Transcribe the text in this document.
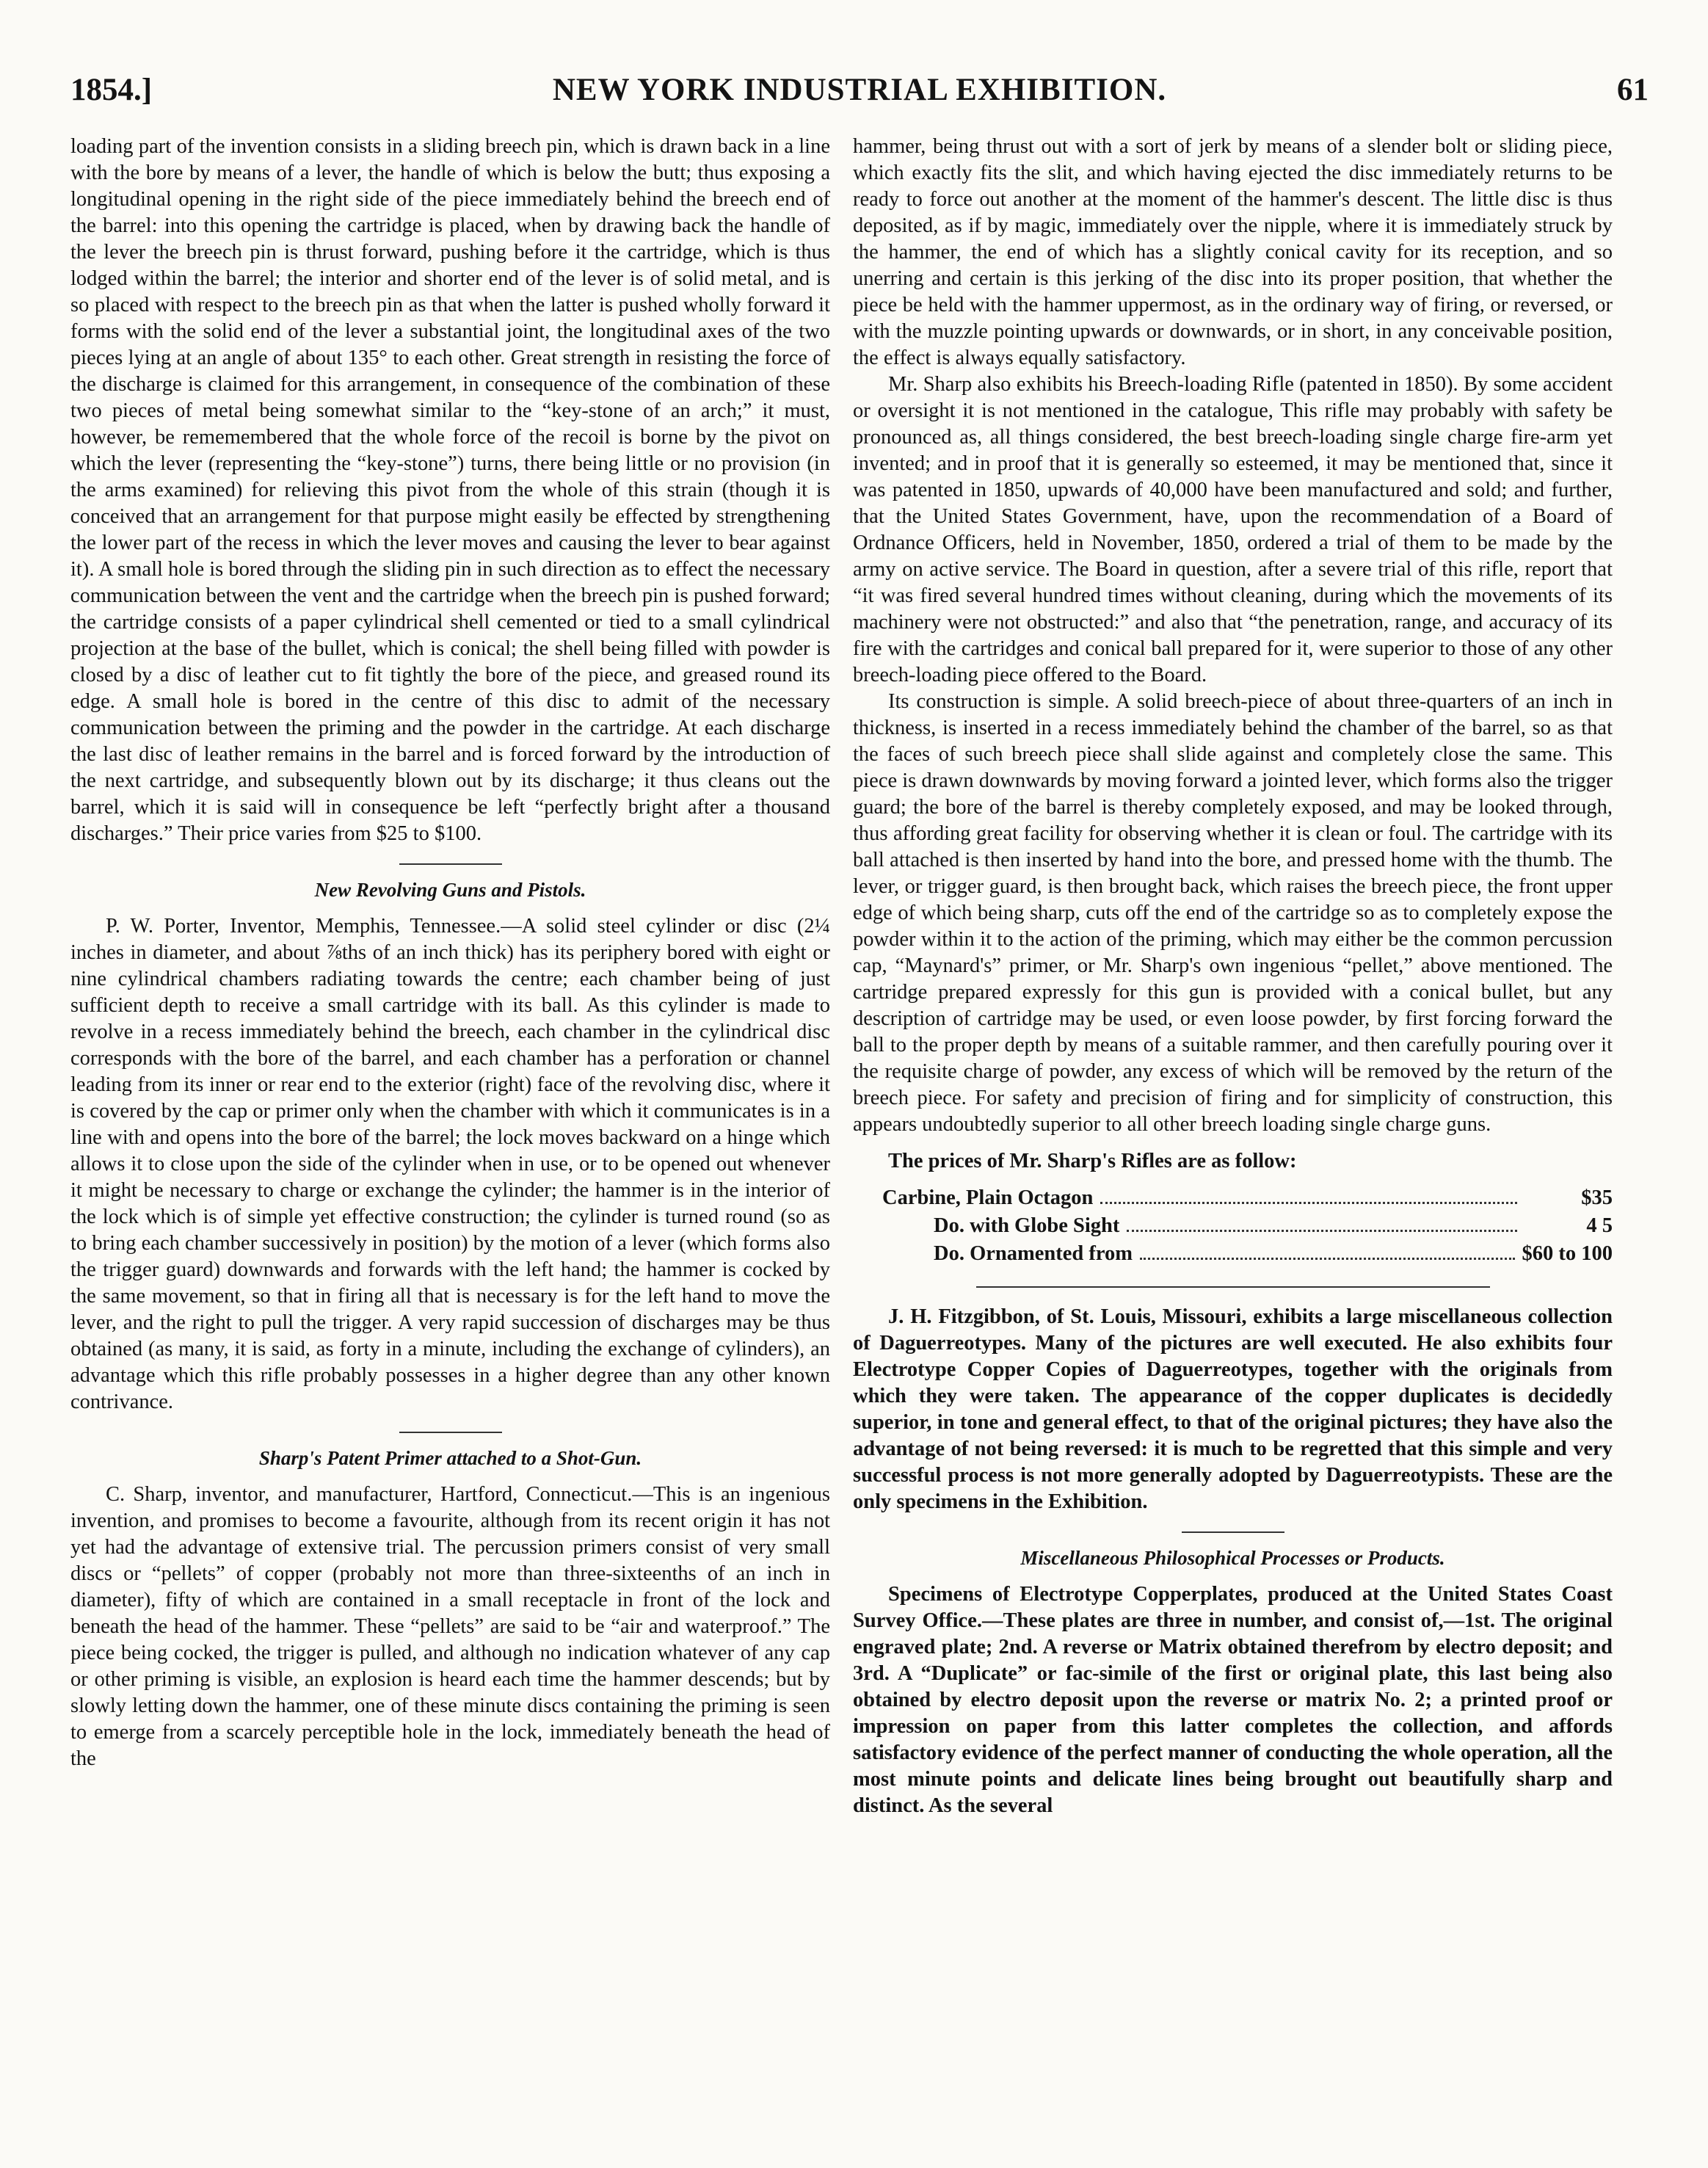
1854.]	NEW YORK INDUSTRIAL EXHIBITION.	61

loading part of the invention consists in a sliding breech pin, which is drawn back in a line with the bore by means of a lever, the handle of which is below the butt; thus exposing a longitudinal opening in the right side of the piece immediately behind the breech end of the barrel: into this opening the cartridge is placed, when by drawing back the handle of the lever the breech pin is thrust forward, pushing before it the cartridge, which is thus lodged within the barrel; the interior and shorter end of the lever is of solid metal, and is so placed with respect to the breech pin as that when the latter is pushed wholly forward it forms with the solid end of the lever a substantial joint, the longitudinal axes of the two pieces lying at an angle of about 135° to each other. Great strength in resisting the force of the discharge is claimed for this arrangement, in consequence of the combination of these two pieces of metal being somewhat similar to the “key-stone of an arch;” it must, however, be rememembered that the whole force of the recoil is borne by the pivot on which the lever (representing the “key-stone”) turns, there being little or no provision (in the arms examined) for relieving this pivot from the whole of this strain (though it is conceived that an arrangement for that purpose might easily be effected by strengthening the lower part of the recess in which the lever moves and causing the lever to bear against it). A small hole is bored through the sliding pin in such direction as to effect the necessary communication between the vent and the cartridge when the breech pin is pushed forward; the cartridge consists of a paper cylindrical shell cemented or tied to a small cylindrical projection at the base of the bullet, which is conical; the shell being filled with powder is closed by a disc of leather cut to fit tightly the bore of the piece, and greased round its edge. A small hole is bored in the centre of this disc to admit of the necessary communication between the priming and the powder in the cartridge. At each discharge the last disc of leather remains in the barrel and is forced forward by the introduction of the next cartridge, and subsequently blown out by its discharge; it thus cleans out the barrel, which it is said will in consequence be left “perfectly bright after a thousand discharges.” Their price varies from $25 to $100.

New Revolving Guns and Pistols.

P. W. Porter, Inventor, Memphis, Tennessee.—A solid steel cylinder or disc (2¼ inches in diameter, and about ⅞ths of an inch thick) has its periphery bored with eight or nine cylindrical chambers radiating towards the centre; each chamber being of just sufficient depth to receive a small cartridge with its ball. As this cylinder is made to revolve in a recess immediately behind the breech, each chamber in the cylindrical disc corresponds with the bore of the barrel, and each chamber has a perforation or channel leading from its inner or rear end to the exterior (right) face of the revolving disc, where it is covered by the cap or primer only when the chamber with which it communicates is in a line with and opens into the bore of the barrel; the lock moves backward on a hinge which allows it to close upon the side of the cylinder when in use, or to be opened out whenever it might be necessary to charge or exchange the cylinder; the hammer is in the interior of the lock which is of simple yet effective construction; the cylinder is turned round (so as to bring each chamber successively in position) by the motion of a lever (which forms also the trigger guard) downwards and forwards with the left hand; the hammer is cocked by the same movement, so that in firing all that is necessary is for the left hand to move the lever, and the right to pull the trigger. A very rapid succession of discharges may be thus obtained (as many, it is said, as forty in a minute, including the exchange of cylinders), an advantage which this rifle probably possesses in a higher degree than any other known contrivance.

Sharp's Patent Primer attached to a Shot-Gun.

C. Sharp, inventor, and manufacturer, Hartford, Connecticut.—This is an ingenious invention, and promises to become a favourite, although from its recent origin it has not yet had the advantage of extensive trial. The percussion primers consist of very small discs or “pellets” of copper (probably not more than three-sixteenths of an inch in diameter), fifty of which are contained in a small receptacle in front of the lock and beneath the head of the hammer. These “pellets” are said to be “air and waterproof.” The piece being cocked, the trigger is pulled, and although no indication whatever of any cap or other priming is visible, an explosion is heard each time the hammer descends; but by slowly letting down the hammer, one of these minute discs containing the priming is seen to emerge from a scarcely perceptible hole in the lock, immediately beneath the head of the

hammer, being thrust out with a sort of jerk by means of a slender bolt or sliding piece, which exactly fits the slit, and which having ejected the disc immediately returns to be ready to force out another at the moment of the hammer's descent. The little disc is thus deposited, as if by magic, immediately over the nipple, where it is immediately struck by the hammer, the end of which has a slightly conical cavity for its reception, and so unerring and certain is this jerking of the disc into its proper position, that whether the piece be held with the hammer uppermost, as in the ordinary way of firing, or reversed, or with the muzzle pointing upwards or downwards, or in short, in any conceivable position, the effect is always equally satisfactory.

Mr. Sharp also exhibits his Breech-loading Rifle (patented in 1850). By some accident or oversight it is not mentioned in the catalogue, This rifle may probably with safety be pronounced as, all things considered, the best breech-loading single charge fire-arm yet invented; and in proof that it is generally so esteemed, it may be mentioned that, since it was patented in 1850, upwards of 40,000 have been manufactured and sold; and further, that the United States Government, have, upon the recommendation of a Board of Ordnance Officers, held in November, 1850, ordered a trial of them to be made by the army on active service. The Board in question, after a severe trial of this rifle, report that “it was fired several hundred times without cleaning, during which the movements of its machinery were not obstructed:” and also that “the penetration, range, and accuracy of its fire with the cartridges and conical ball prepared for it, were superior to those of any other breech-loading piece offered to the Board.

Its construction is simple. A solid breech-piece of about three-quarters of an inch in thickness, is inserted in a recess immediately behind the chamber of the barrel, so as that the faces of such breech piece shall slide against and completely close the same. This piece is drawn downwards by moving forward a jointed lever, which forms also the trigger guard; the bore of the barrel is thereby completely exposed, and may be looked through, thus affording great facility for observing whether it is clean or foul. The cartridge with its ball attached is then inserted by hand into the bore, and pressed home with the thumb. The lever, or trigger guard, is then brought back, which raises the breech piece, the front upper edge of which being sharp, cuts off the end of the cartridge so as to completely expose the powder within it to the action of the priming, which may either be the common percussion cap, “Maynard's” primer, or Mr. Sharp's own ingenious “pellet,” above mentioned. The cartridge prepared expressly for this gun is provided with a conical bullet, but any description of cartridge may be used, or even loose powder, by first forcing forward the ball to the proper depth by means of a suitable rammer, and then carefully pouring over it the requisite charge of powder, any excess of which will be removed by the return of the breech piece. For safety and precision of firing and for simplicity of construction, this appears undoubtedly superior to all other breech loading single charge guns.

The prices of Mr. Sharp's Rifles are as follow:

Carbine, Plain Octagon	$35
Do. with Globe Sight	4 5
Do. Ornamented from	$60 to 100

J. H. Fitzgibbon, of St. Louis, Missouri, exhibits a large miscellaneous collection of Daguerreotypes. Many of the pictures are well executed. He also exhibits four Electrotype Copper Copies of Daguerreotypes, together with the originals from which they were taken. The appearance of the copper duplicates is decidedly superior, in tone and general effect, to that of the original pictures; they have also the advantage of not being reversed: it is much to be regretted that this simple and very successful process is not more generally adopted by Daguerreotypists. These are the only specimens in the Exhibition.

Miscellaneous Philosophical Processes or Products.

Specimens of Electrotype Copperplates, produced at the United States Coast Survey Office.—These plates are three in number, and consist of,—1st. The original engraved plate; 2nd. A reverse or Matrix obtained therefrom by electro deposit; and 3rd. A “Duplicate” or fac-simile of the first or original plate, this last being also obtained by electro deposit upon the reverse or matrix No. 2; a printed proof or impression on paper from this latter completes the collection, and affords satisfactory evidence of the perfect manner of conducting the whole operation, all the most minute points and delicate lines being brought out beautifully sharp and distinct. As the several
